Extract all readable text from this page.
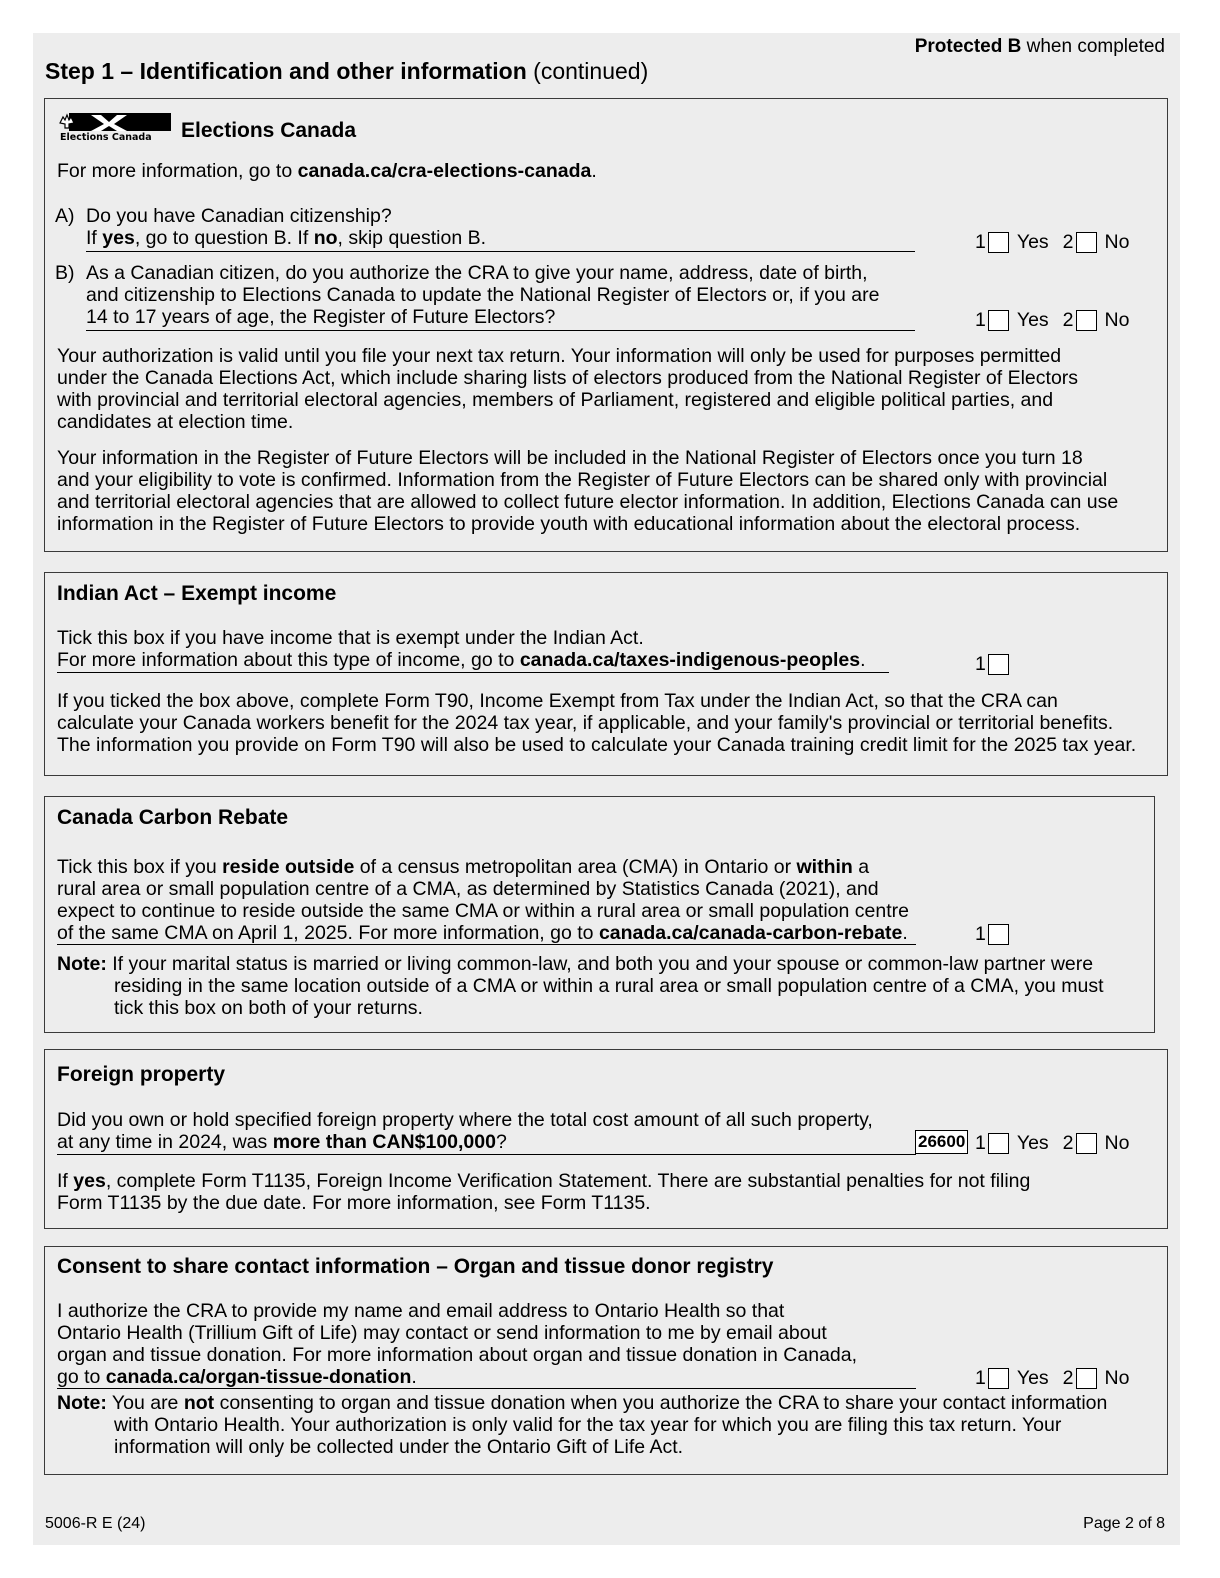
Protected B when completed
Step 1 – Identification and other information (continued)
Elections Canada Elections Canada
For more information, go to canada.ca/cra-elections-canada.
A) Do you have Canadian citizenship?
If yes, go to question B. If no, skip question B.	1 Yes 2 No
B) As a Canadian citizen, do you authorize the CRA to give your name, address, date of birth,
and citizenship to Elections Canada to update the National Register of Electors or, if you are
14 to 17 years of age, the Register of Future Electors?	1 Yes 2 No
Your authorization is valid until you file your next tax return. Your information will only be used for purposes permitted
under the Canada Elections Act, which include sharing lists of electors produced from the National Register of Electors
with provincial and territorial electoral agencies, members of Parliament, registered and eligible political parties, and
candidates at election time.
Your information in the Register of Future Electors will be included in the National Register of Electors once you turn 18
and your eligibility to vote is confirmed. Information from the Register of Future Electors can be shared only with provincial
and territorial electoral agencies that are allowed to collect future elector information. In addition, Elections Canada can use
information in the Register of Future Electors to provide youth with educational information about the electoral process.
Indian Act – Exempt income
Tick this box if you have income that is exempt under the Indian Act.
For more information about this type of income, go to canada.ca/taxes-indigenous-peoples.	1
If you ticked the box above, complete Form T90, Income Exempt from Tax under the Indian Act, so that the CRA can
calculate your Canada workers benefit for the 2024 tax year, if applicable, and your family's provincial or territorial benefits.
The information you provide on Form T90 will also be used to calculate your Canada training credit limit for the 2025 tax year.
Canada Carbon Rebate
Tick this box if you reside outside of a census metropolitan area (CMA) in Ontario or within a
rural area or small population centre of a CMA, as determined by Statistics Canada (2021), and
expect to continue to reside outside the same CMA or within a rural area or small population centre
of the same CMA on April 1, 2025. For more information, go to canada.ca/canada-carbon-rebate.	1
Note: If your marital status is married or living common-law, and both you and your spouse or common-law partner were
residing in the same location outside of a CMA or within a rural area or small population centre of a CMA, you must
tick this box on both of your returns.
Foreign property
Did you own or hold specified foreign property where the total cost amount of all such property,
at any time in 2024, was more than CAN$100,000?	26600 1 Yes 2 No
If yes, complete Form T1135, Foreign Income Verification Statement. There are substantial penalties for not filing
Form T1135 by the due date. For more information, see Form T1135.
Consent to share contact information – Organ and tissue donor registry
I authorize the CRA to provide my name and email address to Ontario Health so that
Ontario Health (Trillium Gift of Life) may contact or send information to me by email about
organ and tissue donation. For more information about organ and tissue donation in Canada,
go to canada.ca/organ-tissue-donation.	1 Yes 2 No
Note: You are not consenting to organ and tissue donation when you authorize the CRA to share your contact information
with Ontario Health. Your authorization is only valid for the tax year for which you are filing this tax return. Your
information will only be collected under the Ontario Gift of Life Act.
5006-R E (24)	Page 2 of 8
